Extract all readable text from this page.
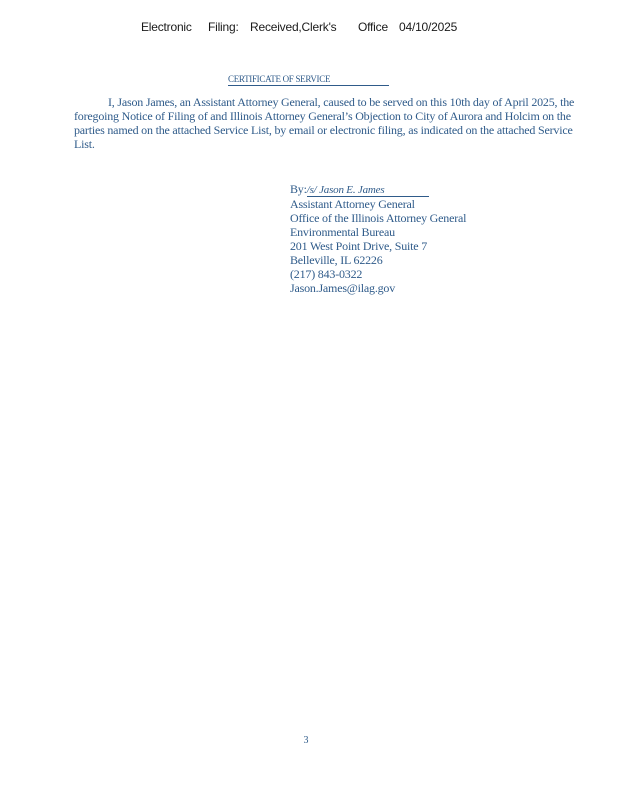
Electronic Filing: Received,Clerk's Office 04/10/2025
CERTIFICATE OF SERVICE
I, Jason James, an Assistant Attorney General, caused to be served on this 10th day of April 2025, the foregoing Notice of Filing of and Illinois Attorney General’s Objection to City of Aurora and Holcim on the parties named on the attached Service List, by email or electronic filing, as indicated on the attached Service List.
By:/s/ Jason E. James
Assistant Attorney General
Office of the Illinois Attorney General
Environmental Bureau
201 West Point Drive, Suite 7
Belleville, IL 62226
(217) 843-0322
Jason.James@ilag.gov
3
